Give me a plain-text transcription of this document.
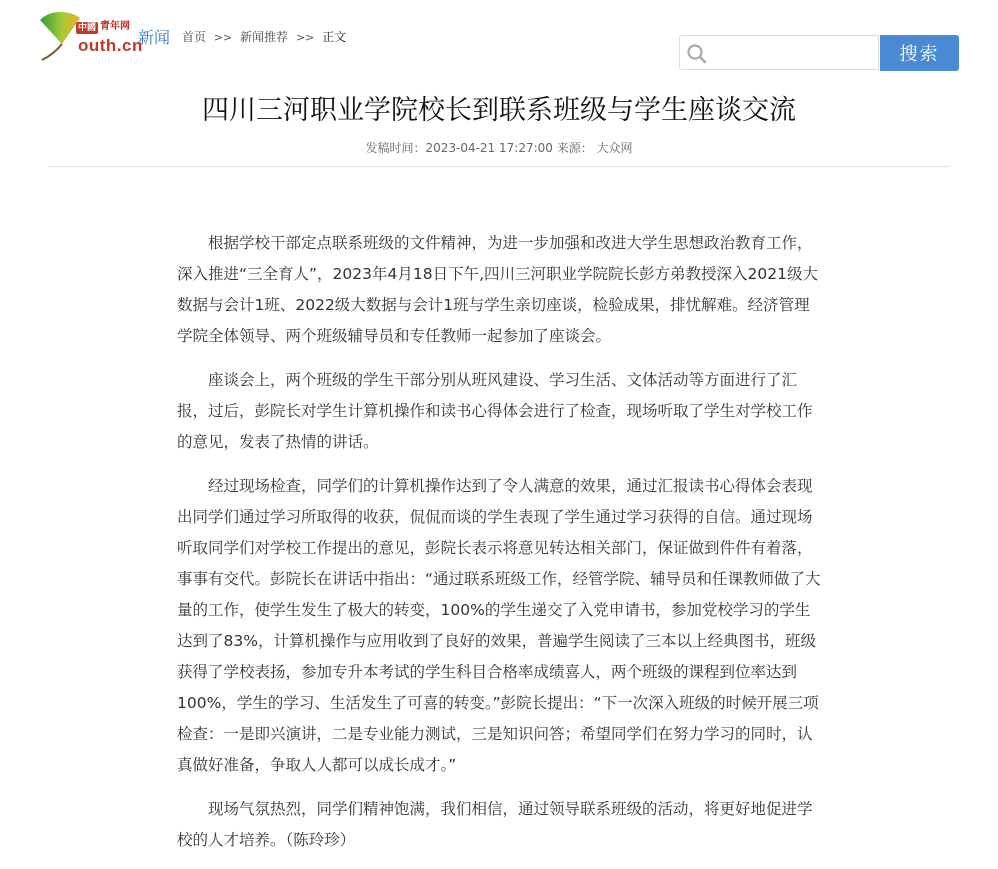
中國 青年网
outh.cn
新闻 首页 >> 新闻推荐 >> 正文
搜索
四川三河职业学院校长到联系班级与学生座谈交流
发稿时间：2023-04-21 17:27:00 来源： 大众网

根据学校干部定点联系班级的文件精神，为进一步加强和改进大学生思想政治教育工作，深入推进“三全育人”，2023年4月18日下午,四川三河职业学院院长彭方弟教授深入2021级大数据与会计1班、2022级大数据与会计1班与学生亲切座谈，检验成果，排忧解难。经济管理学院全体领导、两个班级辅导员和专任教师一起参加了座谈会。

座谈会上，两个班级的学生干部分别从班风建设、学习生活、文体活动等方面进行了汇报，过后，彭院长对学生计算机操作和读书心得体会进行了检查，现场听取了学生对学校工作的意见，发表了热情的讲话。

经过现场检查，同学们的计算机操作达到了令人满意的效果，通过汇报读书心得体会表现出同学们通过学习所取得的收获，侃侃而谈的学生表现了学生通过学习获得的自信。通过现场听取同学们对学校工作提出的意见，彭院长表示将意见转达相关部门，保证做到件件有着落，事事有交代。彭院长在讲话中指出：“通过联系班级工作，经管学院、辅导员和任课教师做了大量的工作，使学生发生了极大的转变，100%的学生递交了入党申请书，参加党校学习的学生达到了83%，计算机操作与应用收到了良好的效果，普遍学生阅读了三本以上经典图书，班级获得了学校表扬，参加专升本考试的学生科目合格率成绩喜人，两个班级的课程到位率达到100%，学生的学习、生活发生了可喜的转变。”彭院长提出：“下一次深入班级的时候开展三项检查：一是即兴演讲，二是专业能力测试，三是知识问答；希望同学们在努力学习的同时，认真做好准备，争取人人都可以成长成才。”

现场气氛热烈，同学们精神饱满，我们相信，通过领导联系班级的活动，将更好地促进学校的人才培养。（陈玲珍）
